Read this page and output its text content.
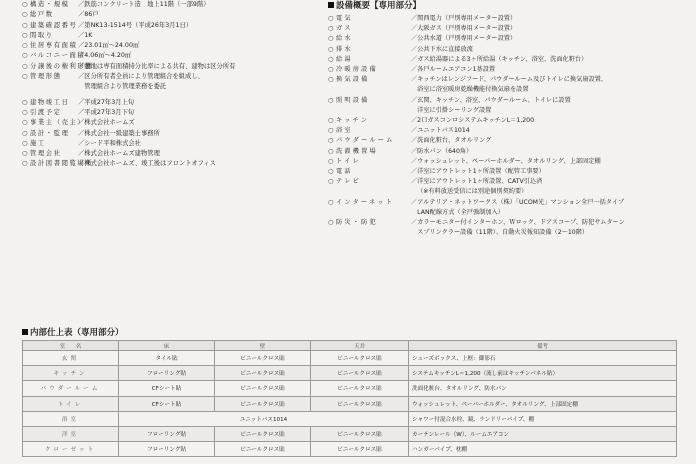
○ 構造・規模	／鉄筋コンクリート造　地上11階（一部9階）
○ 総戸数	／86戸
○ 建築確認番号 ／第NK13-1514号（平成26年3月1日）
○ 間取り	／1K
○ 住居専有面積 ／23.01㎡～24.00㎡
○ バルコニー面積
／4.06㎡～4.20㎡
○ 分譲後の権利形態
／敷地は専有面積持分比率による共有、建物は区分所有
○ 管理形態	／区分所有者全員により管理組合を組成し、
　管理組合より管理業務を委託
○ 建物竣工日	／平成27年3月上旬
○ 引渡予定	／平成27年3月下旬
○ 事業主（売主）
／株式会社ホームズ
○ 設計・監理	／株式会社一級建築士事務所
○ 施工	／シード平和株式会社
○ 管理会社	／株式会社ホームズ建物管理
○ 設計図書閲覧場所
／株式会社ホームズ、竣工後はフロントオフィス
設備概要【専用部分】
○ 電気	／関西電力（戸別専用メーター設置）
○ ガス	／大阪ガス（戸別専用メーター設置）
○ 給水	／公共水道（戸別専用メーター設置）
○ 排水	／公共下水に直接放流
○ 給湯	／ガス給湯器による3ヶ所給湯（キッチン、浴室、洗面化粧台）
○ 冷暖房設備	／各戸ルームエアコン1基設置
○ 換気設備	／キッチンはレンジフード、パウダールーム及びトイレに換気扇設置、
　浴室に浴室暖房乾燥機能付換気扇を設置
○ 照明設備	／玄関、キッチン、浴室、パウダールーム、トイレに設置
　洋室に引掛シーリング設置
○ キッチン	／2口ガスコンロシステムキッチンL＝1,200
○ 浴室	／ユニットバス1014
○ パウダールーム	／洗面化粧台、タオルリング
○ 洗濯機置場	／防水パン（640角）
○ トイレ	／ウォッシュレット、ペーパーホルダー、タオルリング、上部固定棚
○ 電話	／洋室にアウトレット1ヶ所設置（配管工事要）
○ テレビ	／洋室にアウトレット1ヶ所設置、CATV引込済
（※有料放送受信には別途個別契約要）
○ インターネット	／アルテリア・ネットワークス（株）「UCOM光」マンション全戸一括タイプ
　LAN配線方式（全戸強制加入）
○ 防災・防犯	／カラーモニター付インターホン、Ｗロック、ドアスコープ、防犯サムターン
　スプリンクラー設備（11階）、自動火災報知設備（2～10階）
内部仕上表（専用部分）
室　　名	床	壁	天井	備考
玄関	タイル貼	ビニールクロス貼	ビニールクロス貼	シューズボックス、上框：御影石
キッチン	フローリング貼	ビニールクロス貼	ビニールクロス貼	システムキッチンL＝1,200（流し前はキッチンパネル貼）
パウダールーム	CFシート貼	ビニールクロス貼	ビニールクロス貼	洗面化粧台、タオルリング、防水パン
トイレ	CFシート貼	ビニールクロス貼	ビニールクロス貼	ウォッシュレット、ペーパーホルダー、タオルリング、上部固定棚
浴室	ユニットバス1014			シャワー付混合水栓、鏡、ランドリーパイプ、棚
洋室	フローリング貼	ビニールクロス貼	ビニールクロス貼	カーテンレール（W）、ルームエアコン
クローゼット	フローリング貼	ビニールクロス貼	ビニールクロス貼	ハンガーパイプ、枕棚
